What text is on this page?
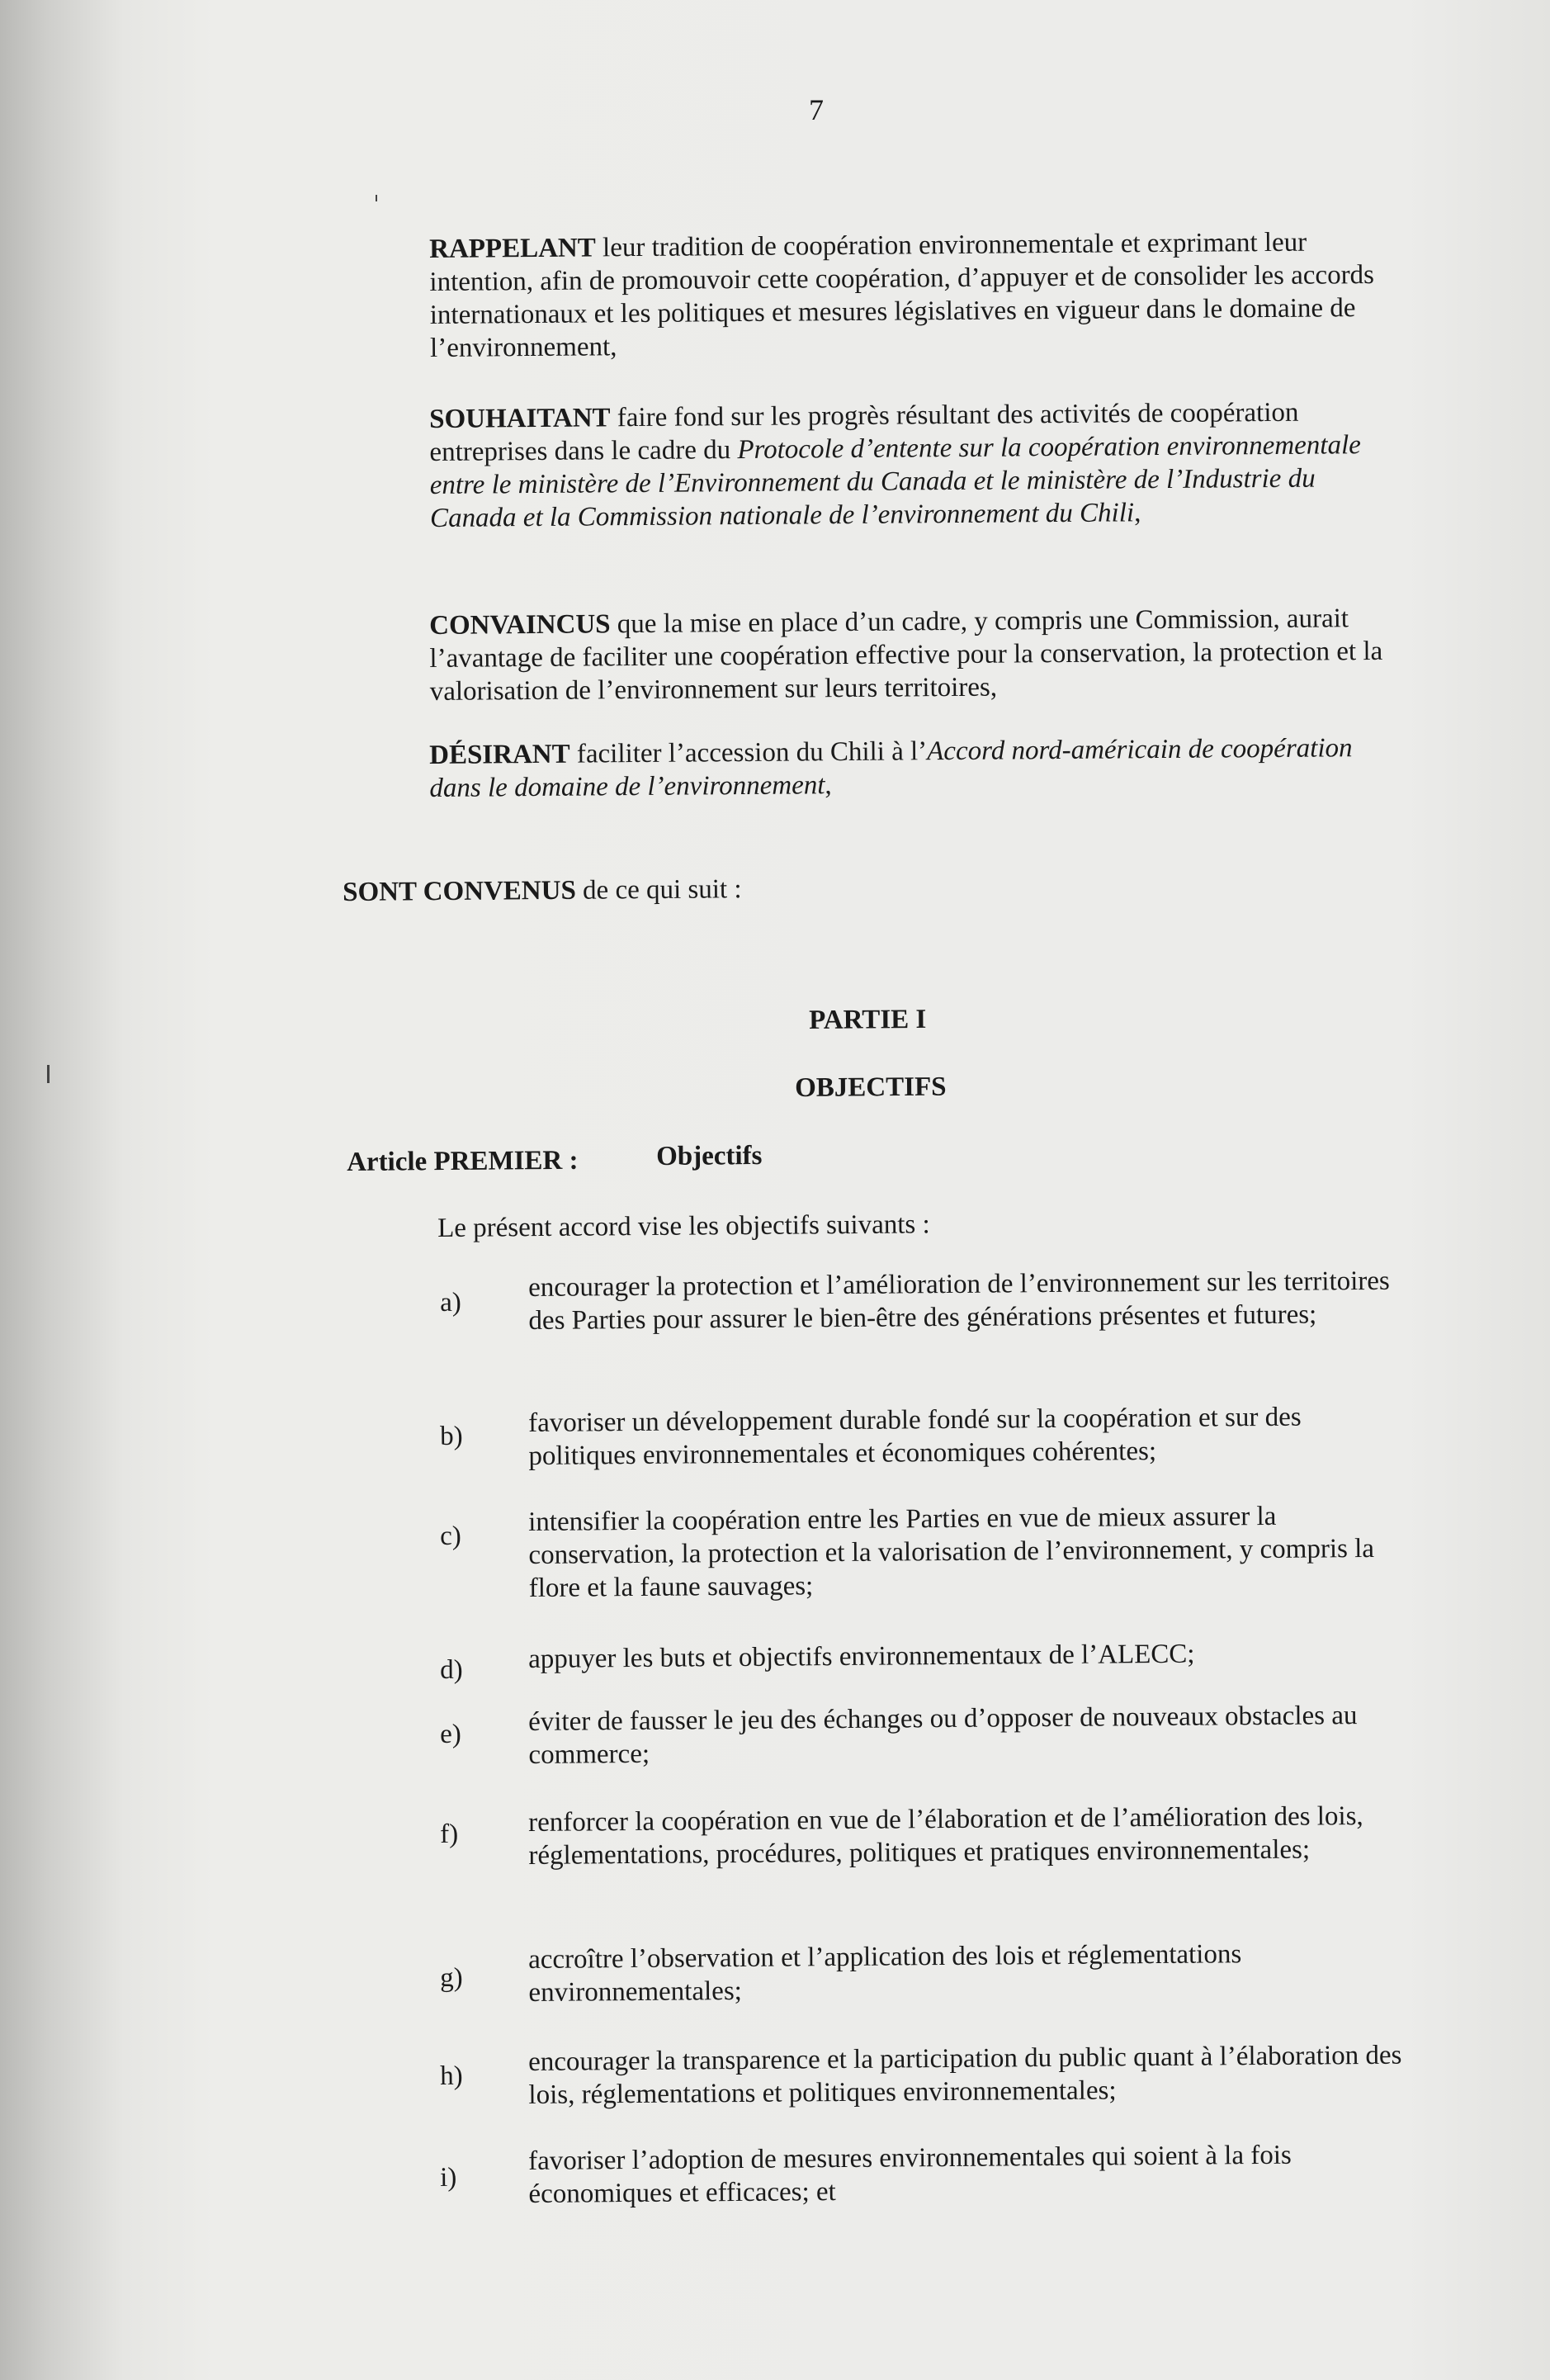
7
RAPPELANT leur tradition de coopération environnementale et exprimant leur intention, afin de promouvoir cette coopération, d’appuyer et de consolider les accords internationaux et les politiques et mesures législatives en vigueur dans le domaine de l’environnement,
SOUHAITANT faire fond sur les progrès résultant des activités de coopération entreprises dans le cadre du Protocole d’entente sur la coopération environnementale entre le ministère de l’Environnement du Canada et le ministère de l’Industrie du Canada et la Commission nationale de l’environnement du Chili,
CONVAINCUS que la mise en place d’un cadre, y compris une Commission, aurait l’avantage de faciliter une coopération effective pour la conservation, la protection et la valorisation de l’environnement sur leurs territoires,
DÉSIRANT faciliter l’accession du Chili à l’Accord nord-américain de coopération dans le domaine de l’environnement,
SONT CONVENUS de ce qui suit :
PARTIE I
OBJECTIFS
Article PREMIER :	Objectifs
Le présent accord vise les objectifs suivants :
a) encourager la protection et l’amélioration de l’environnement sur les territoires des Parties pour assurer le bien-être des générations présentes et futures;
b) favoriser un développement durable fondé sur la coopération et sur des politiques environnementales et économiques cohérentes;
c) intensifier la coopération entre les Parties en vue de mieux assurer la conservation, la protection et la valorisation de l’environnement, y compris la flore et la faune sauvages;
d) appuyer les buts et objectifs environnementaux de l’ALECC;
e) éviter de fausser le jeu des échanges ou d’opposer de nouveaux obstacles au commerce;
f)	renforcer la coopération en vue de l’élaboration et de l’amélioration des lois, réglementations, procédures, politiques et pratiques environnementales;
g)
accroître l’observation et l’application des lois et réglementations environnementales;
h) encourager la transparence et la participation du public quant à l’élaboration des lois, réglementations et politiques environnementales;
i)
favoriser l’adoption de mesures environnementales qui soient à la fois économiques et efficaces; et
